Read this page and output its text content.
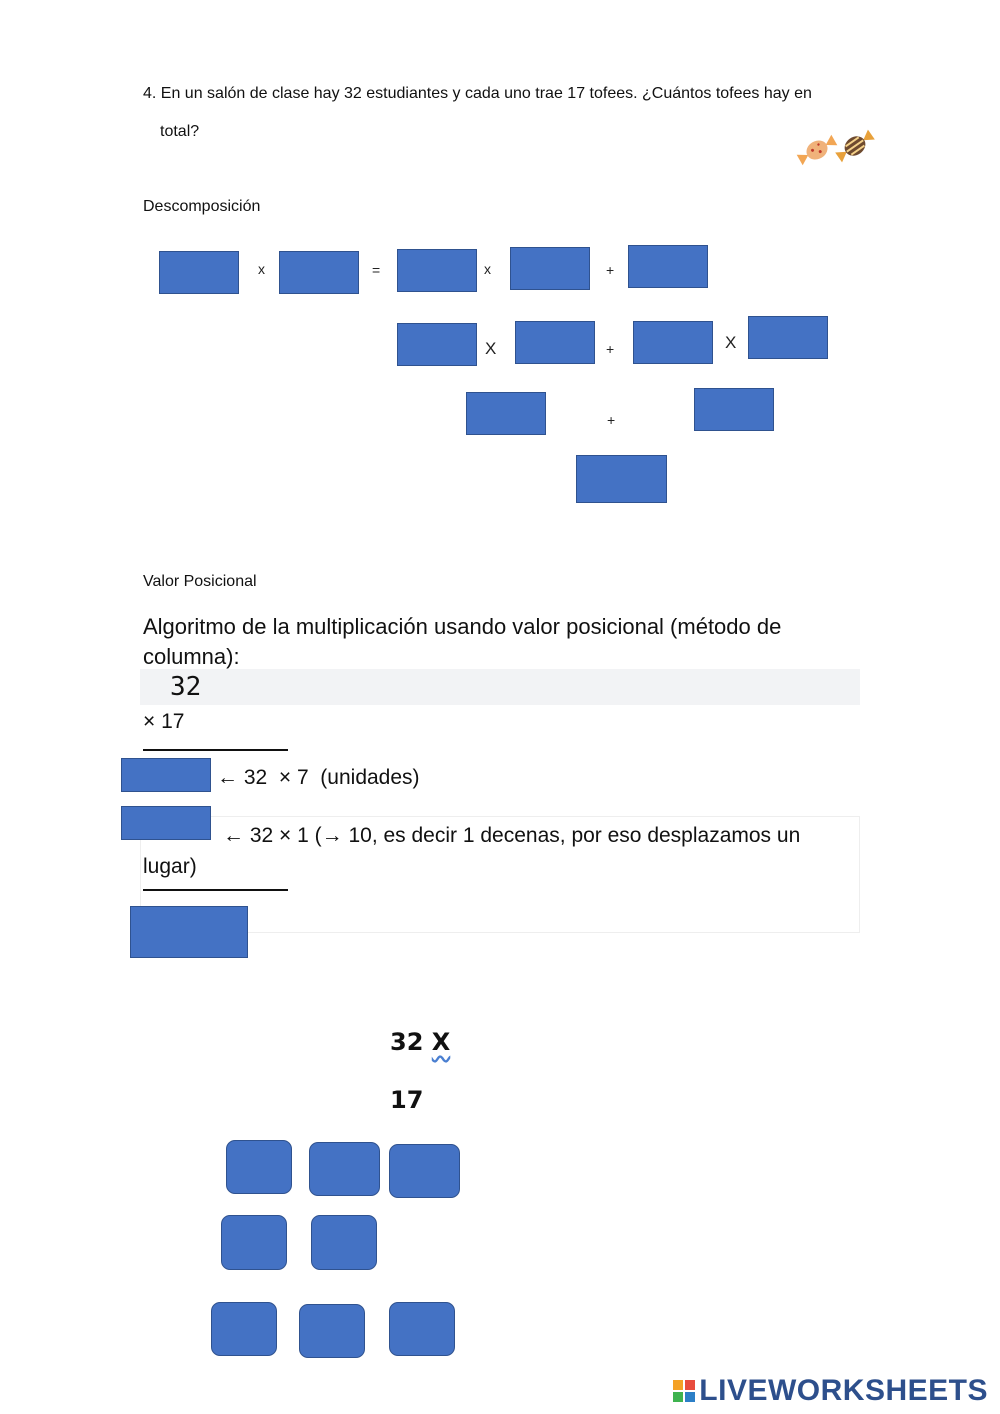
4. En un salón de clase hay 32 estudiantes y cada uno trae 17 tofees. ¿Cuántos tofees hay en
total?
Descomposición
x	=	x	+
X	+	X
+
Valor Posicional
Algoritmo de la multiplicación usando valor posicional (método de columna):
32
× 17
← 32  × 7  (unidades)
← 32 × 1 (→ 10, es decir 1 decenas, por eso desplazamos un
lugar)
32 X
17
LIVEWORKSHEETS
